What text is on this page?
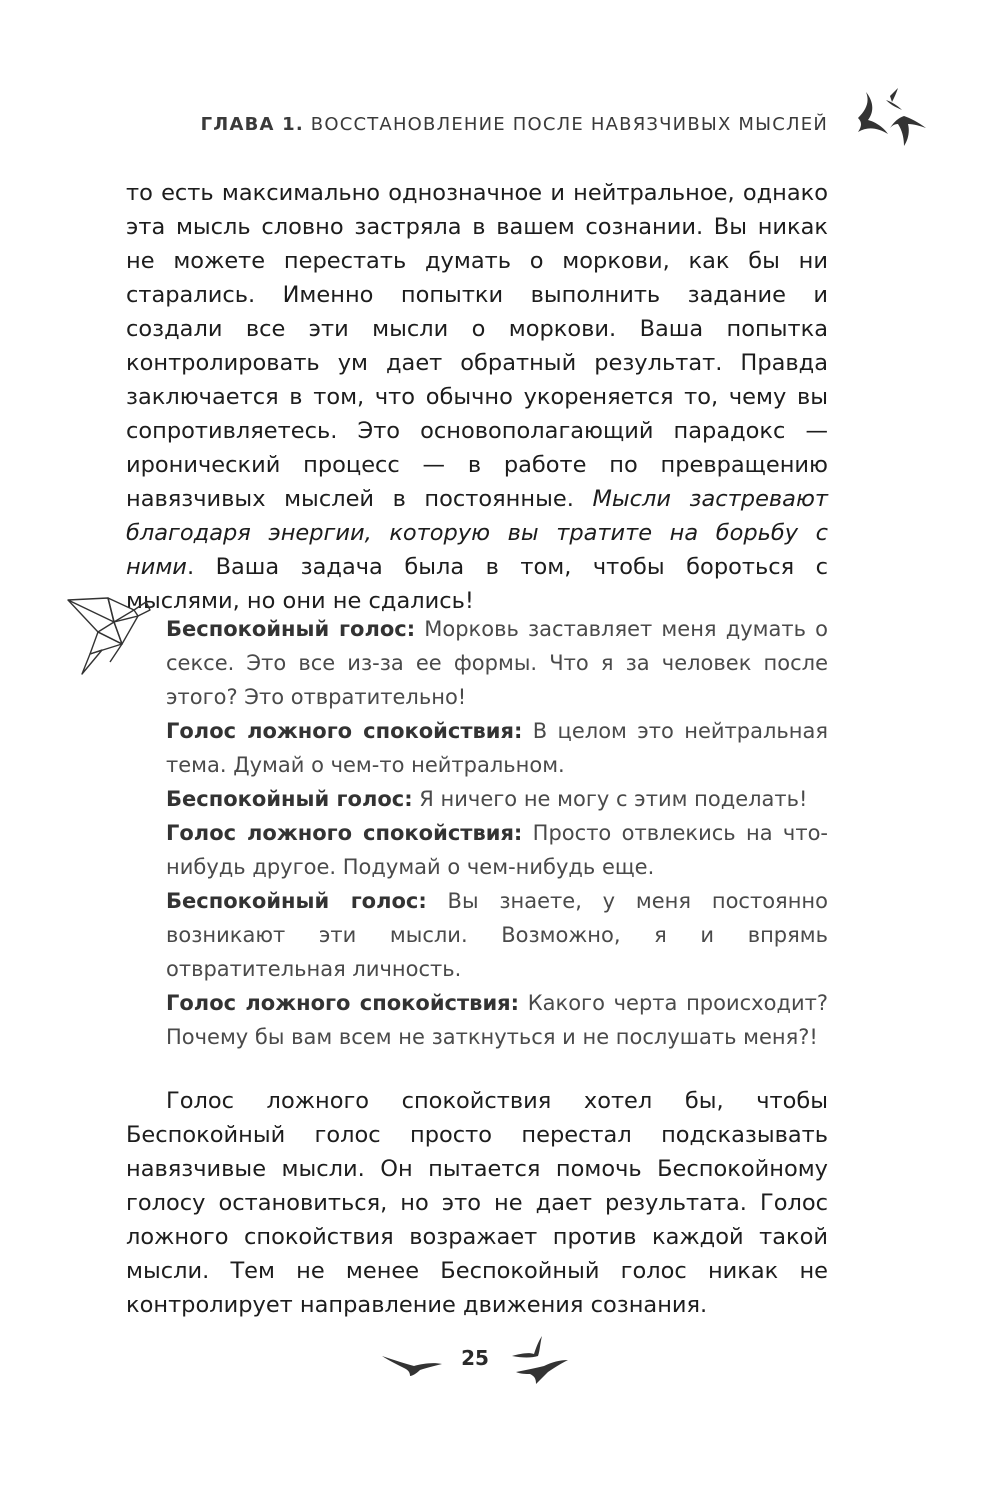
ГЛАВА 1. ВОССТАНОВЛЕНИЕ ПОСЛЕ НАВЯЗЧИВЫХ МЫСЛЕЙ

то есть максимально однозначное и нейтральное, однако эта мысль словно застряла в вашем сознании. Вы никак не можете перестать думать о моркови, как бы ни старались. Именно попытки выполнить задание и создали все эти мысли о моркови. Ваша попытка контролировать ум дает обратный результат. Правда заключается в том, что обычно укореняется то, чему вы сопротивляетесь. Это основополагающий парадокс — иронический процесс — в работе по превращению навязчивых мыслей в постоянные. Мысли застревают благодаря энергии, которую вы тратите на борьбу с ними. Ваша задача была в том, чтобы бороться с мыслями, но они не сдались!

Беспокойный голос: Морковь заставляет меня думать о сексе. Это все из-за ее формы. Что я за человек после этого? Это отвратительно!

Голос ложного спокойствия: В целом это нейтральная тема. Думай о чем-то нейтральном.

Беспокойный голос: Я ничего не могу с этим поделать!

Голос ложного спокойствия: Просто отвлекись на что-нибудь другое. Подумай о чем-нибудь еще.

Беспокойный голос: Вы знаете, у меня постоянно возникают эти мысли. Возможно, я и впрямь отвратительная личность.

Голос ложного спокойствия: Какого черта происходит? Почему бы вам всем не заткнуться и не послушать меня?!

Голос ложного спокойствия хотел бы, чтобы Беспокойный голос просто перестал подсказывать навязчивые мысли. Он пытается помочь Беспокойному голосу остановиться, но это не дает результата. Голос ложного спокойствия возражает против каждой такой мысли. Тем не менее Беспокойный голос никак не контролирует направление движения сознания.

25
